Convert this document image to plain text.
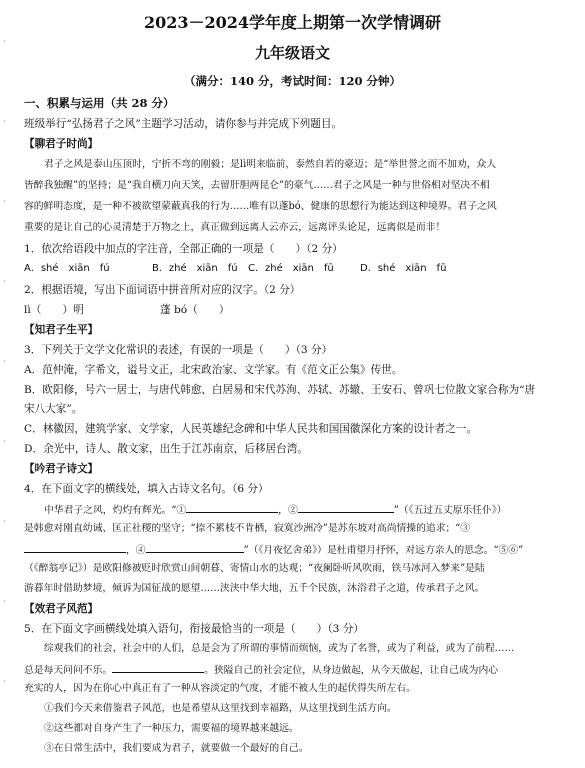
2023－2024学年度上期第一次学情调研
九年级语文
（满分：140 分，考试时间：120 分钟）
一、积累与运用（共 28 分）
班级举行“弘扬君子之风”主题学习活动，请你参与并完成下列题目。
【聊君子时尚】
君子之风是泰山压顶时，宁折不弯的刚毅；是lì明来临前，泰然自若的豪迈；是“举世誉之而不加劝，众人
皆醉我独醒”的坚持；是“我自横刀向天笑，去留肝胆两昆仑”的豪气……君子之风是一种与世俗相对坚决不相
容的鲜明态度，是一种不被欲望蒙蔽真我的行为……唯有以蓬bó、健康的思想行为能达到这种境界。君子之风
重要的是让自己的心灵清楚于万物之上，真正做到远离人云亦云，远离评头论足，远离似是而非！
1．依次给语段中加点的字注音，全部正确的一项是（　　）（2 分）
A．shé　xiān　fú	B．zhé　xiān　fú C．zhé　xiān　fū	D．shé　xiān　fū
2．根据语境，写出下面词语中拼音所对应的汉字。（2 分）
lì（　　）明	蓬 bó（　　）
【知君子生平】
3．下列关于文学文化常识的表述，有误的一项是（　　）（3 分）
A．范仲淹，字希文，谥号文正，北宋政治家、文学家。有《范文正公集》传世。
B．欧阳修，号六一居士，与唐代韩愈、白居易和宋代苏洵、苏轼、苏辙、王安石、曾巩七位散文家合称为“唐
宋八大家”。
C．林徽因，建筑学家、文学家，人民英雄纪念碑和中华人民共和国国徽深化方案的设计者之一。
D．余光中，诗人、散文家，出生于江苏南京，后移居台湾。
【吟君子诗文】
4．在下面文字的横线处，填入古诗文名句。（6 分）
中华君子之风，灼灼有辉光。“①	，②	”（《五过五丈原乐任仆》）
是韩愈对刚直幼诫、匡正社稷的坚守；“捺不累枝不肯栖，寂寞沙洲冷”是苏东坡对高尚情操的追求；“③
，④	”（《月夜忆舍弟》）是杜甫望月抒怀，对远方亲人的思念。“⑤⑥”
（《醉翁亭记》）是欧阳修被贬时欣赏山间朝暮、寄情山水的达观；“夜阑卧听风吹雨，铁马冰河入梦来”是陆
游暮年时借助梦境，倾诉为国征战的愿望……浃浃中华大地，五千个民族，沐浴君子之道，传承君子之风。
【效君子风范】
5．在下面文字画横线处填入语句，衔接最恰当的一项是（　　）（3 分）
综观我们的社会，社会中的人们，总是会为了所谓的事情而烦恼，或为了名誉，或为了利益，或为了前程……
总是每天问问不乐。	。狭隘自己的社会定位，从身边做起，从今天做起，让自己成为内心
充实的人，因为在你心中真正有了一种从容淡定的气度，才能不被人生的起伏得失所左右。
①我们今天来借鉴君子风范，也是希望从这里找到幸福路，从这里找到生活方向。
②这些都对自身产生了一种压力，需要福的境界越来越远。
③在日常生活中，我们要成为君子，就要做一个最好的自己。
